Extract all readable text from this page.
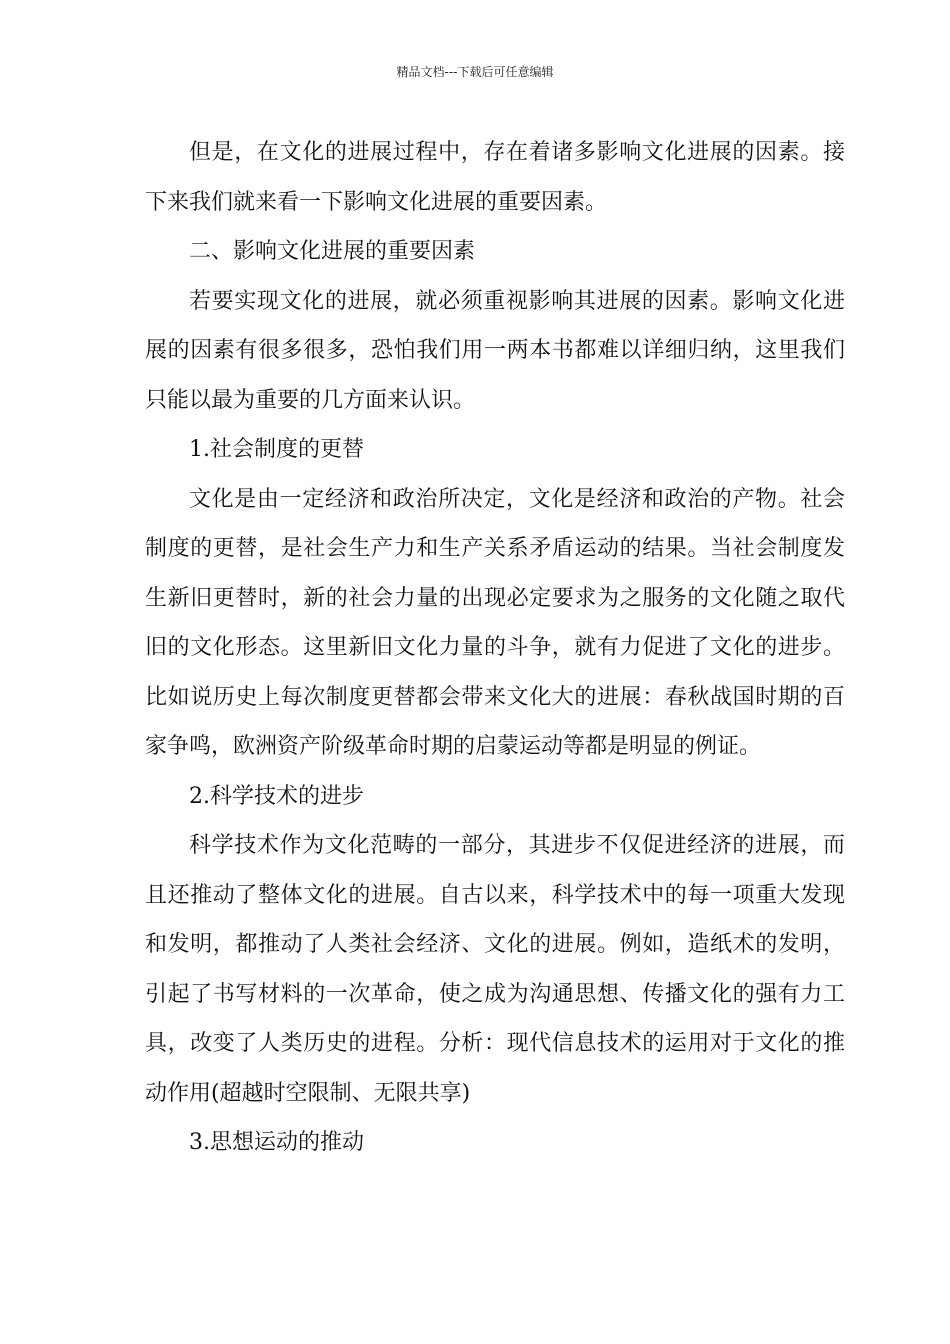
精品文档---下载后可任意编辑

但是，在文化的进展过程中，存在着诸多影响文化进展的因素。接下来我们就来看一下影响文化进展的重要因素。

二、影响文化进展的重要因素

若要实现文化的进展，就必须重视影响其进展的因素。影响文化进展的因素有很多很多，恐怕我们用一两本书都难以详细归纳，这里我们只能以最为重要的几方面来认识。

1.社会制度的更替

文化是由一定经济和政治所决定，文化是经济和政治的产物。社会制度的更替，是社会生产力和生产关系矛盾运动的结果。当社会制度发生新旧更替时，新的社会力量的出现必定要求为之服务的文化随之取代旧的文化形态。这里新旧文化力量的斗争，就有力促进了文化的进步。比如说历史上每次制度更替都会带来文化大的进展：春秋战国时期的百家争鸣，欧洲资产阶级革命时期的启蒙运动等都是明显的例证。

2.科学技术的进步

科学技术作为文化范畴的一部分，其进步不仅促进经济的进展，而且还推动了整体文化的进展。自古以来，科学技术中的每一项重大发现和发明，都推动了人类社会经济、文化的进展。例如，造纸术的发明，引起了书写材料的一次革命，使之成为沟通思想、传播文化的强有力工具，改变了人类历史的进程。分析：现代信息技术的运用对于文化的推动作用(超越时空限制、无限共享)

3.思想运动的推动
